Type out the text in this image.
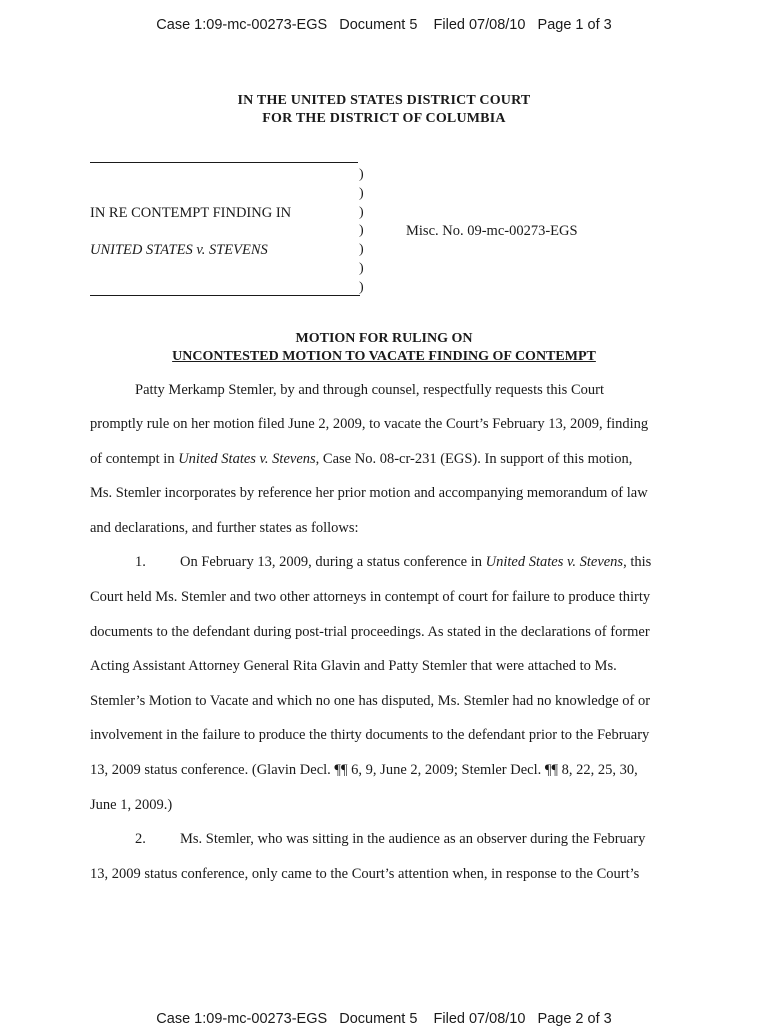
Case 1:09-mc-00273-EGS   Document 5    Filed 07/08/10   Page 1 of 3
IN THE UNITED STATES DISTRICT COURT
FOR THE DISTRICT OF COLUMBIA
)
)
)
)
)
)
)
IN RE CONTEMPT FINDING IN
UNITED STATES v. STEVENS
Misc. No. 09-mc-00273-EGS
MOTION FOR RULING ON
UNCONTESTED MOTION TO VACATE FINDING OF CONTEMPT
Patty Merkamp Stemler, by and through counsel, respectfully requests this Court
promptly rule on her motion filed June 2, 2009, to vacate the Court’s February 13, 2009, finding
of contempt in United States v. Stevens, Case No. 08-cr-231 (EGS). In support of this motion,
Ms. Stemler incorporates by reference her prior motion and accompanying memorandum of law
and declarations, and further states as follows:
1. On February 13, 2009, during a status conference in United States v. Stevens, this
Court held Ms. Stemler and two other attorneys in contempt of court for failure to produce thirty
documents to the defendant during post-trial proceedings. As stated in the declarations of former
Acting Assistant Attorney General Rita Glavin and Patty Stemler that were attached to Ms.
Stemler’s Motion to Vacate and which no one has disputed, Ms. Stemler had no knowledge of or
involvement in the failure to produce the thirty documents to the defendant prior to the February
13, 2009 status conference. (Glavin Decl. ¶¶ 6, 9, June 2, 2009; Stemler Decl. ¶¶ 8, 22, 25, 30,
June 1, 2009.)
2. Ms. Stemler, who was sitting in the audience as an observer during the February
13, 2009 status conference, only came to the Court’s attention when, in response to the Court’s
Case 1:09-mc-00273-EGS   Document 5    Filed 07/08/10   Page 2 of 3
